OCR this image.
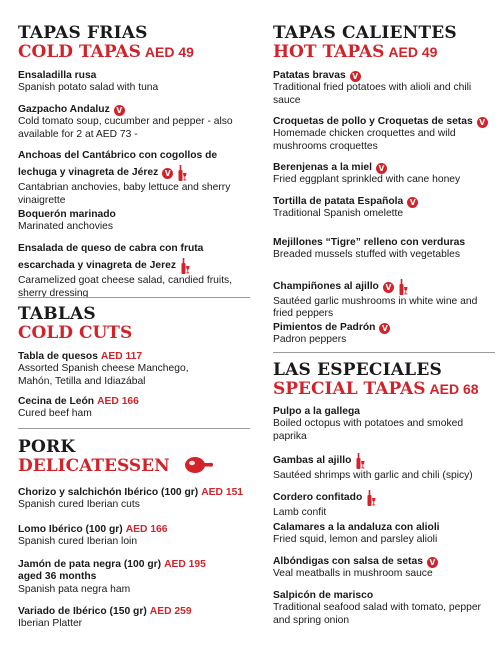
TAPAS FRIAS
COLD TAPAS AED 49
Ensaladilla rusa
Spanish potato salad with tuna
Gazpacho Andaluz V
Cold tomato soup, cucumber and pepper - also available for 2 at AED 73 -
Anchoas del Cantábrico con cogollos de lechuga y vinagreta de Jérez V
Cantabrian anchovies, baby lettuce and sherry vinaigrette
Boquerón marinado
Marinated anchovies
Ensalada de queso de cabra con fruta escarchada y vinagreta de Jerez
Caramelized goat cheese salad, candied fruits, sherry dressing
TABLAS
COLD CUTS
Tabla de quesos AED 117
Assorted Spanish cheese Manchego, Mahón, Tetilla and Idiazábal
Cecina de León AED 166
Cured beef ham
PORK
DELICATESSEN
Chorizo y salchichón Ibérico (100 gr) AED 151
Spanish cured Iberian cuts
Lomo Ibérico (100 gr) AED 166
Spanish cured Iberian loin
Jamón de pata negra (100 gr) AED 195
aged 36 months
Spanish pata negra ham
Variado de Ibérico (150 gr) AED 259
Iberian Platter
TAPAS CALIENTES
HOT TAPAS AED 49
Patatas bravas V
Traditional fried potatoes with alioli and chili sauce
Croquetas de pollo y Croquetas de setas V
Homemade chicken croquettes and wild mushrooms croquettes
Berenjenas a la miel V
Fried eggplant sprinkled with cane honey
Tortilla de patata Española V
Traditional Spanish omelette
Mejillones “Tigre” relleno con verduras
Breaded mussels stuffed with vegetables
Champiñones al ajillo V
Sautéed garlic mushrooms in white wine and fried peppers
Pimientos de Padrón V
Padron peppers
LAS ESPECIALES
SPECIAL TAPAS AED 68
Pulpo a la gallega
Boiled octopus with potatoes and smoked paprika
Gambas al ajillo
Sautéed shrimps with garlic and chili (spicy)
Cordero confitado
Lamb confit
Calamares a la andaluza con alioli
Fried squid, lemon and parsley alioli
Albóndigas con salsa de setas V
Veal meatballs in mushroom sauce
Salpicón de marisco
Traditional seafood salad with tomato, pepper and spring onion
